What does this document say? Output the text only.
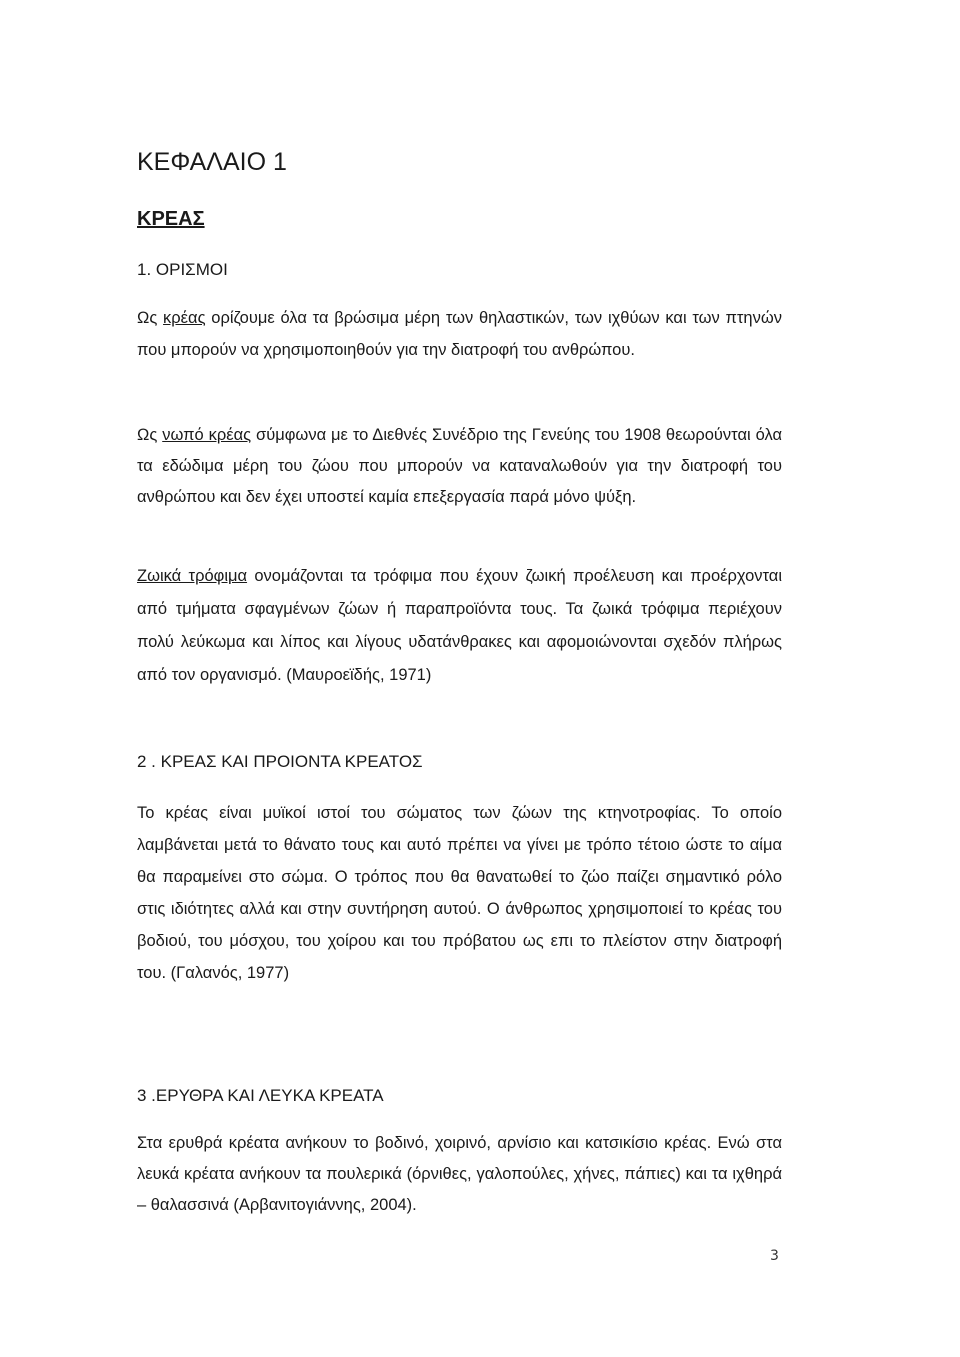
ΚΕΦΑΛΑΙΟ 1
ΚΡΕΑΣ
1. ΟΡΙΣΜΟΙ

Ως κρέας ορίζουμε όλα τα βρώσιμα μέρη των θηλαστικών, των ιχθύων και των πτηνών που μπορούν να χρησιμοποιηθούν για την διατροφή του ανθρώπου.

Ως νωπό κρέας σύμφωνα με το Διεθνές Συνέδριο της Γενεύης του 1908 θεωρούνται όλα τα εδώδιμα μέρη του ζώου που μπορούν να καταναλωθούν για την διατροφή του ανθρώπου και δεν έχει υποστεί καμία επεξεργασία παρά μόνο ψύξη.

Ζωικά τρόφιμα ονομάζονται τα τρόφιμα που έχουν ζωική προέλευση και προέρχονται από τμήματα σφαγμένων ζώων ή παραπροϊόντα τους. Τα ζωικά τρόφιμα περιέχουν πολύ λεύκωμα και λίπος και λίγους υδατάνθρακες και αφομοιώνονται σχεδόν πλήρως από τον οργανισμό. (Μαυροεϊδής, 1971)

2 . ΚΡΕΑΣ ΚΑΙ ΠΡΟΙΟΝΤΑ ΚΡΕΑΤΟΣ

Το κρέας είναι μυϊκοί ιστοί του σώματος των ζώων της κτηνοτροφίας. Το οποίο λαμβάνεται μετά το θάνατο τους και αυτό πρέπει να γίνει με τρόπο τέτοιο ώστε το αίμα θα παραμείνει στο σώμα. Ο τρόπος που θα θανατωθεί το ζώο παίζει σημαντικό ρόλο στις ιδιότητες αλλά και στην συντήρηση αυτού. Ο άνθρωπος χρησιμοποιεί το κρέας του βοδιού, του μόσχου, του χοίρου και του πρόβατου ως επι το πλείστον στην διατροφή του. (Γαλανός, 1977)

3 .ΕΡΥΘΡΑ ΚΑΙ ΛΕΥΚΑ ΚΡΕΑΤΑ

Στα ερυθρά κρέατα ανήκουν το βοδινό, χοιρινό, αρνίσιο και κατσικίσιο κρέας. Ενώ στα λευκά κρέατα ανήκουν τα πουλερικά (όρνιθες, γαλοπούλες, χήνες, πάπιες) και τα ιχθηρά – θαλασσινά (Αρβανιτογιάννης, 2004).

3
